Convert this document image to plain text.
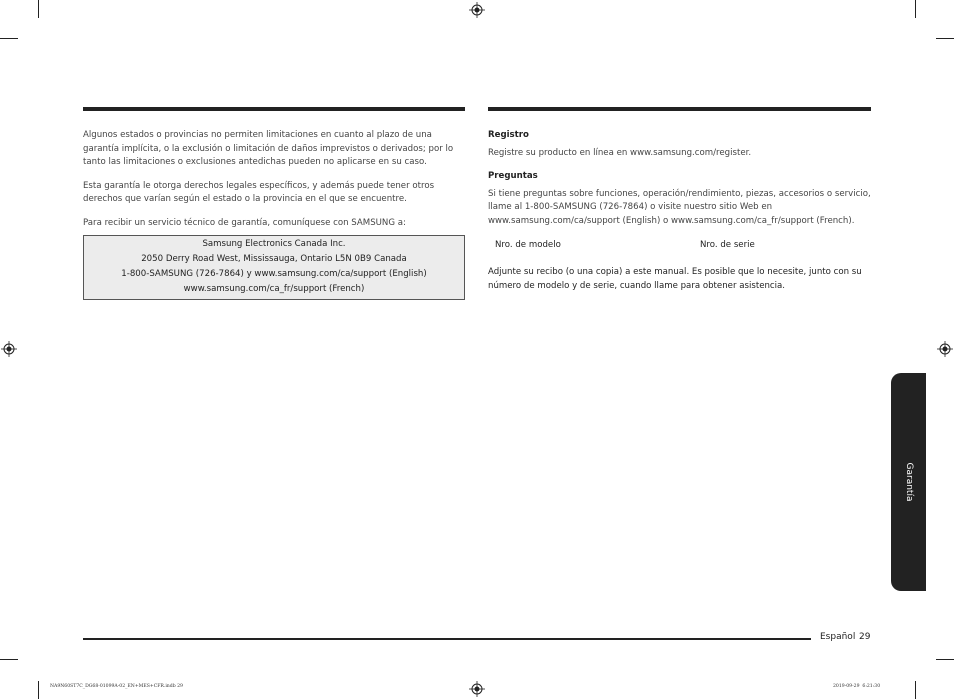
Algunos estados o provincias no permiten limitaciones en cuanto al plazo de una garantía implícita, o la exclusión o limitación de daños imprevistos o derivados; por lo tanto las limitaciones o exclusiones antedichas pueden no aplicarse en su caso.

Esta garantía le otorga derechos legales específicos, y además puede tener otros derechos que varían según el estado o la provincia en el que se encuentre.

Para recibir un servicio técnico de garantía, comuníquese con SAMSUNG a:

Samsung Electronics Canada Inc.
2050 Derry Road West, Mississauga, Ontario L5N 0B9 Canada
1-800-SAMSUNG (726-7864) y www.samsung.com/ca/support (English)
www.samsung.com/ca_fr/support (French)
Registro
Registre su producto en línea en www.samsung.com/register.
Preguntas
Si tiene preguntas sobre funciones, operación/rendimiento, piezas, accesorios o servicio, llame al 1-800-SAMSUNG (726-7864) o visite nuestro sitio Web en www.samsung.com/ca/support (English) o www.samsung.com/ca_fr/support (French).
Nro. de modelo	Nro. de serie
Adjunte su recibo (o una copia) a este manual. Es posible que lo necesite, junto con su número de modelo y de serie, cuando llame para obtener asistencia.
Garantía
Español 29
NA9N60ST7C_DG68-01099A-02_EN+MES+CFR.indb 29	2019-09-29 ￼ 6:21:30
